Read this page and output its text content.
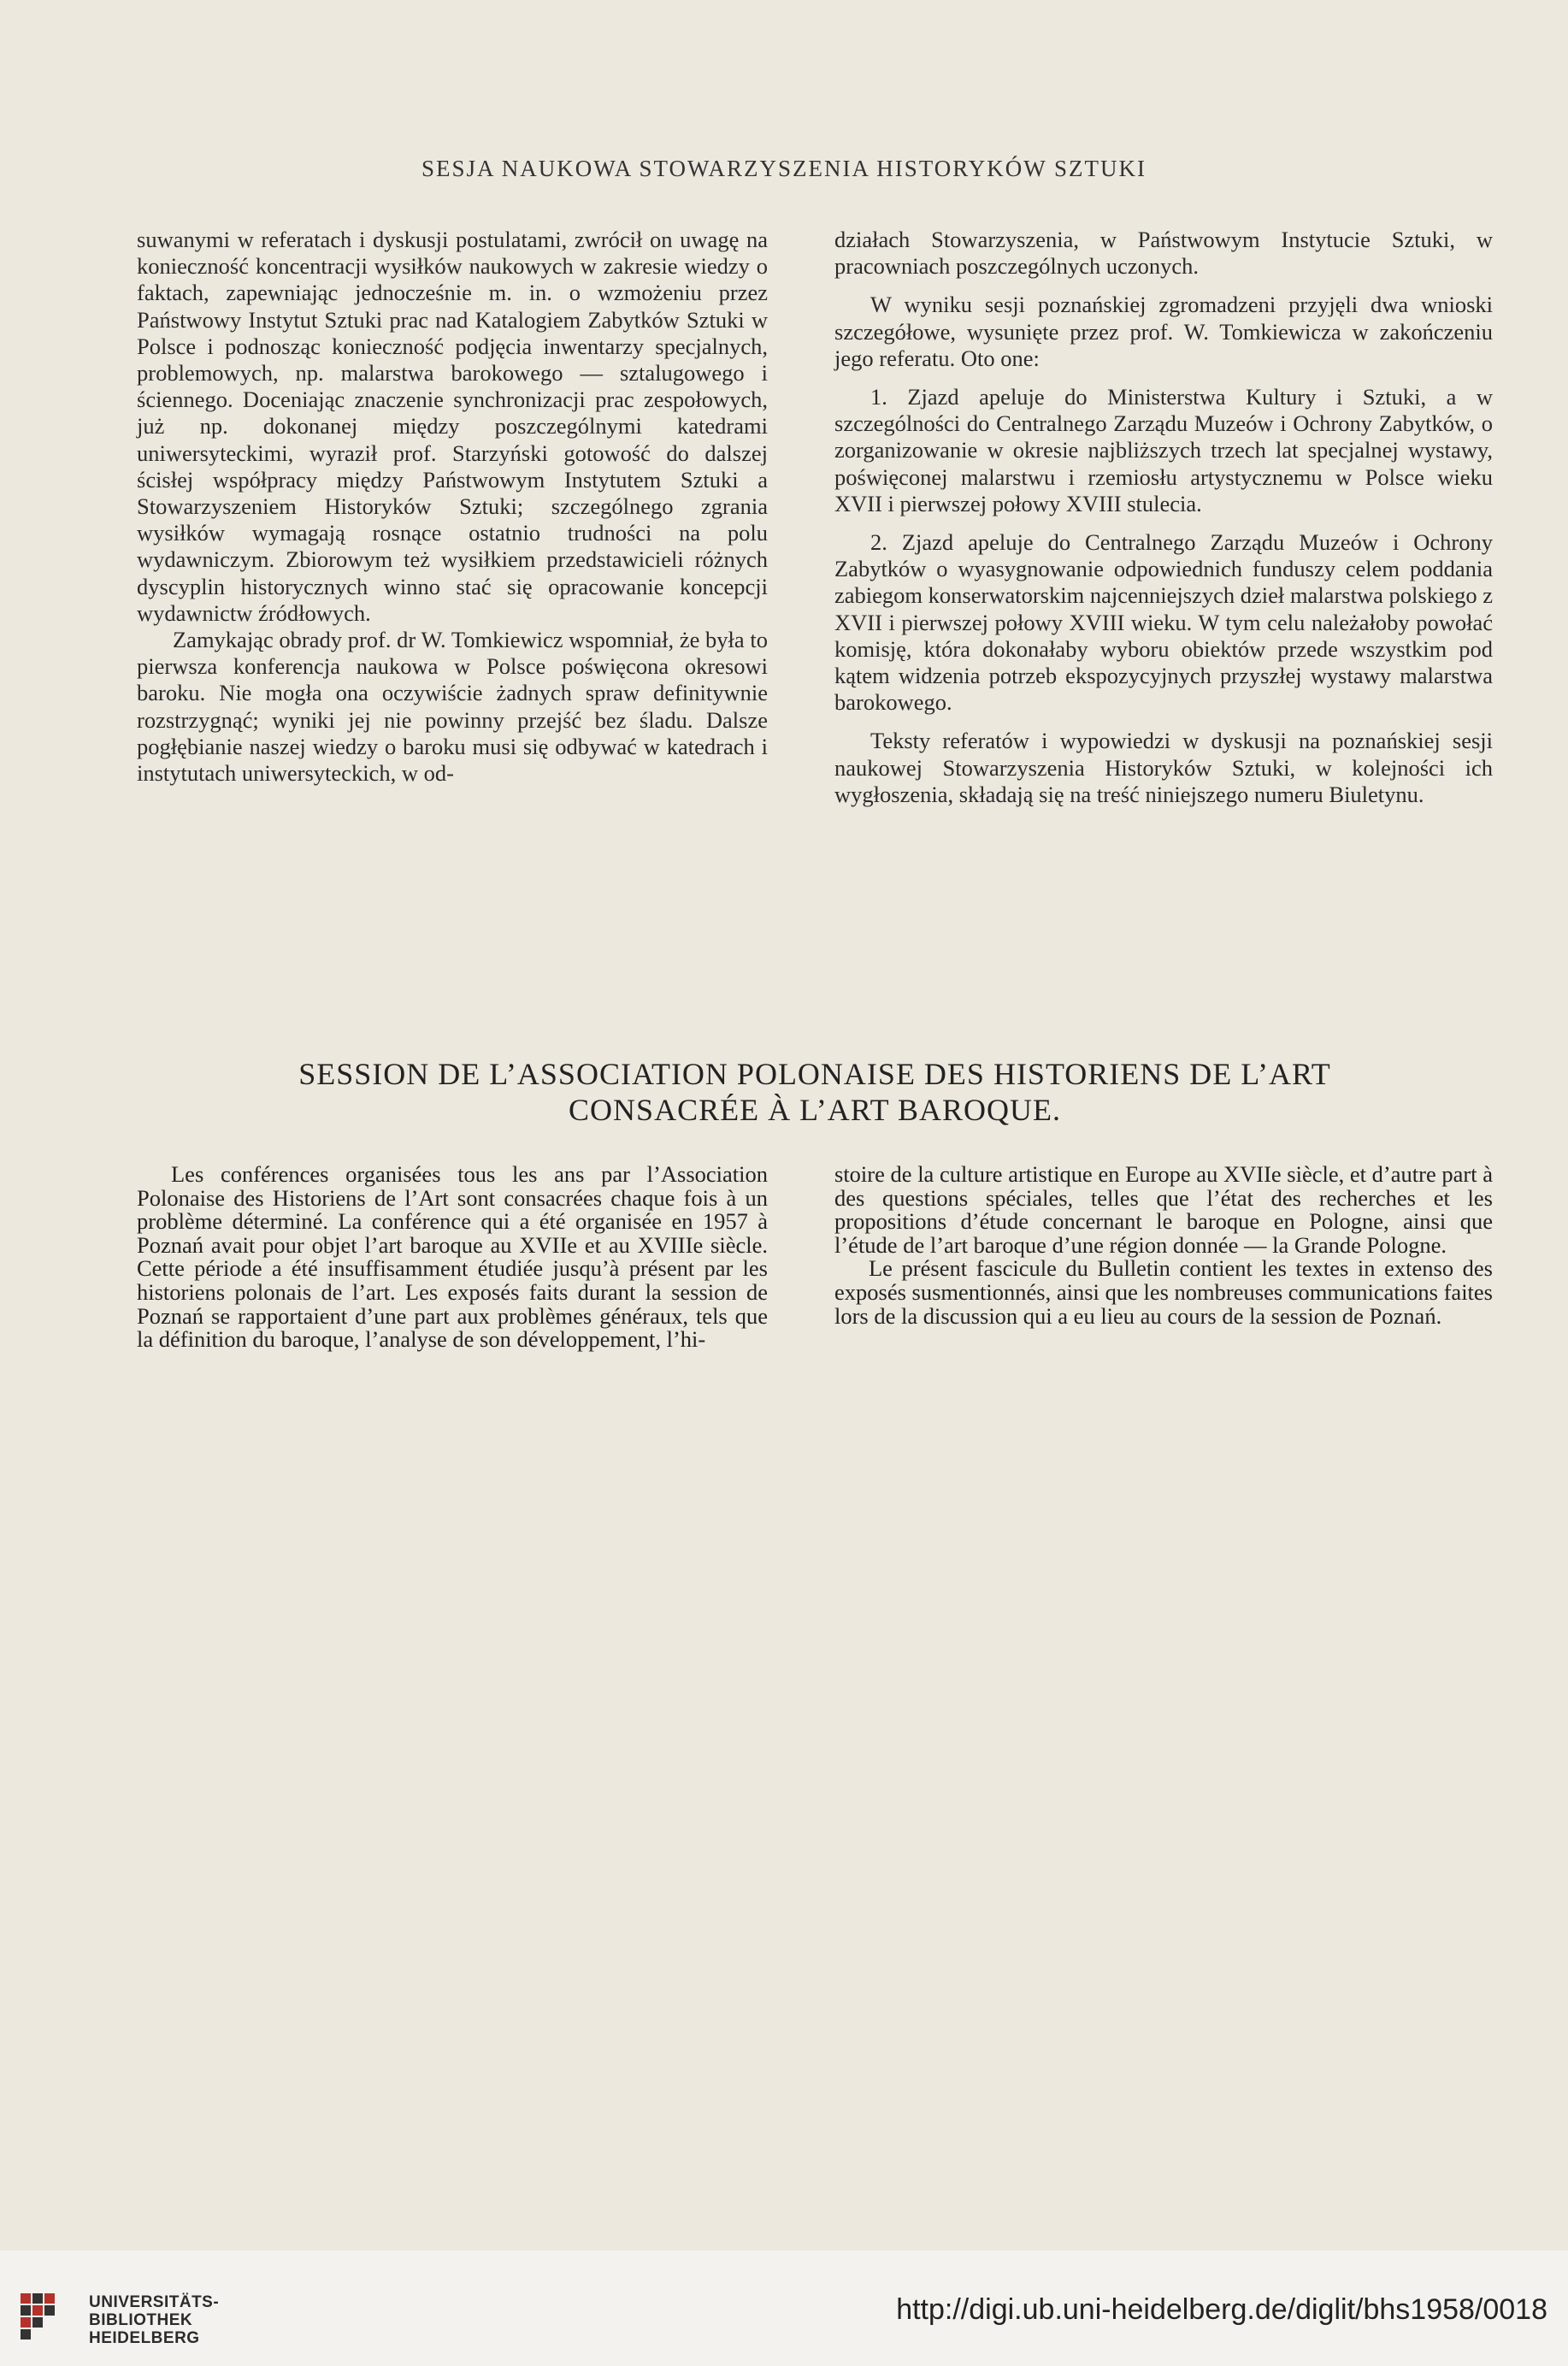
SESJA NAUKOWA STOWARZYSZENIA HISTORYKÓW SZTUKI

suwanymi w referatach i dyskusji postulatami, zwrócił on uwagę na konieczność koncentracji wysiłków naukowych w zakresie wiedzy o faktach, zapewniając jednocześnie m. in. o wzmożeniu przez Państwowy Instytut Sztuki prac nad Katalogiem Zabytków Sztuki w Polsce i podnosząc konieczność podjęcia inwentarzy specjalnych, problemowych, np. malarstwa barokowego — sztalugowego i ściennego. Doceniając znaczenie synchronizacji prac zespołowych, już np. dokonanej między poszczególnymi katedrami uniwersyteckimi, wyraził prof. Starzyński gotowość do dalszej ścisłej współpracy między Państwowym Instytutem Sztuki a Stowarzyszeniem Historyków Sztuki; szczególnego zgrania wysiłków wymagają rosnące ostatnio trudności na polu wydawniczym. Zbiorowym też wysiłkiem przedstawicieli różnych dyscyplin historycznych winno stać się opracowanie koncepcji wydawnictw źródłowych.

Zamykając obrady prof. dr W. Tomkiewicz wspomniał, że była to pierwsza konferencja naukowa w Polsce poświęcona okresowi baroku. Nie mogła ona oczywiście żadnych spraw definitywnie rozstrzygnąć; wyniki jej nie powinny przejść bez śladu. Dalsze pogłębianie naszej wiedzy o baroku musi się odbywać w katedrach i instytutach uniwersyteckich, w od-

działach Stowarzyszenia, w Państwowym Instytucie Sztuki, w pracowniach poszczególnych uczonych.

W wyniku sesji poznańskiej zgromadzeni przyjęli dwa wnioski szczegółowe, wysunięte przez prof. W. Tomkiewicza w zakończeniu jego referatu. Oto one:

1. Zjazd apeluje do Ministerstwa Kultury i Sztuki, a w szczególności do Centralnego Zarządu Muzeów i Ochrony Zabytków, o zorganizowanie w okresie najbliższych trzech lat specjalnej wystawy, poświęconej malarstwu i rzemiosłu artystycznemu w Polsce wieku XVII i pierwszej połowy XVIII stulecia.

2. Zjazd apeluje do Centralnego Zarządu Muzeów i Ochrony Zabytków o wyasygnowanie odpowiednich funduszy celem poddania zabiegom konserwatorskim najcenniejszych dzieł malarstwa polskiego z XVII i pierwszej połowy XVIII wieku. W tym celu należałoby powołać komisję, która dokonałaby wyboru obiektów przede wszystkim pod kątem widzenia potrzeb ekspozycyjnych przyszłej wystawy malarstwa barokowego.

Teksty referatów i wypowiedzi w dyskusji na poznańskiej sesji naukowej Stowarzyszenia Historyków Sztuki, w kolejności ich wygłoszenia, składają się na treść niniejszego numeru Biuletynu.

SESSION DE L’ASSOCIATION POLONAISE DES HISTORIENS DE L’ART
CONSACRÉE À L’ART BAROQUE.

Les conférences organisées tous les ans par l’Association Polonaise des Historiens de l’Art sont consacrées chaque fois à un problème déterminé. La conférence qui a été organisée en 1957 à Poznań avait pour objet l’art baroque au XVIIe et au XVIIIe siècle. Cette période a été insuffisamment étudiée jusqu’à présent par les historiens polonais de l’art. Les exposés faits durant la session de Poznań se rapportaient d’une part aux problèmes généraux, tels que la définition du baroque, l’analyse de son développement, l’hi-

stoire de la culture artistique en Europe au XVIIe siècle, et d’autre part à des questions spéciales, telles que l’état des recherches et les propositions d’étude concernant le baroque en Pologne, ainsi que l’étude de l’art baroque d’une région donnée — la Grande Pologne.

Le présent fascicule du Bulletin contient les textes in extenso des exposés susmentionnés, ainsi que les nombreuses communications faites lors de la discussion qui a eu lieu au cours de la session de Poznań.

UNIVERSITÄTS-
BIBLIOTHEK
HEIDELBERG
http://digi.ub.uni-heidelberg.de/diglit/bhs1958/0018
